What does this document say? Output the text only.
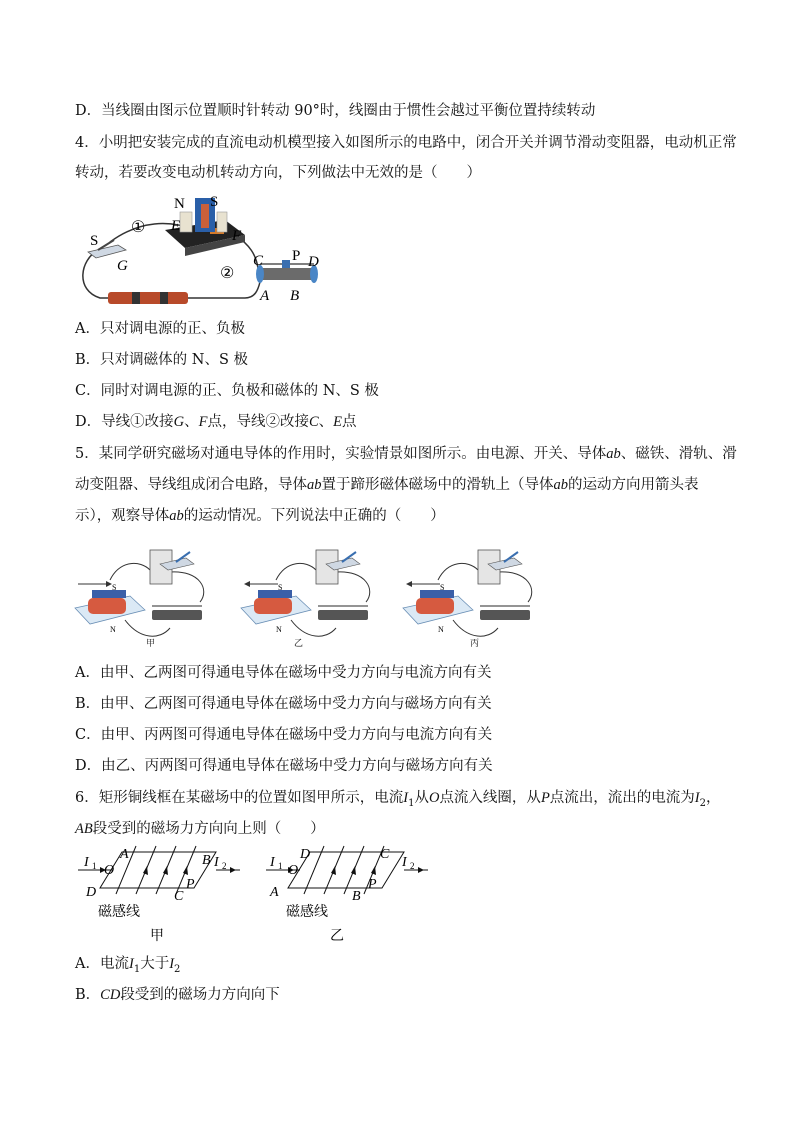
D．当线圈由图示位置顺时针转动 90°时，线圈由于惯性会越过平衡位置持续转动
4．小明把安装完成的直流电动机模型接入如图所示的电路中，闭合开关并调节滑动变阻器，电动机正常
转动，若要改变电动机转动方向，下列做法中无效的是（　　）
N S
E
F
S
G	C P D
A B
①
②
A．只对调电源的正、负极
B．只对调磁体的 N、S 极
C．同时对调电源的正、负极和磁体的 N、S 极
D．导线①改接G、F点，导线②改接C、E点
5．某同学研究磁场对通电导体的作用时，实验情景如图所示。由电源、开关、导体ab、磁铁、滑轨、滑
动变阻器、导线组成闭合电路，导体ab置于蹄形磁体磁场中的滑轨上（导体ab的运动方向用箭头表
示），观察导体ab的运动情况。下列说法中正确的（　　）
S
N
甲
S
N
乙
N
S
丙
A．由甲、乙两图可得通电导体在磁场中受力方向与电流方向有关
B．由甲、乙两图可得通电导体在磁场中受力方向与磁场方向有关
C．由甲、丙两图可得通电导体在磁场中受力方向与电流方向有关
D．由乙、丙两图可得通电导体在磁场中受力方向与磁场方向有关
6．矩形铜线框在某磁场中的位置如图甲所示，电流$I_1$从O点流入线圈，从P点流出，流出的电流为$I_2$，
AB段受到的磁场力方向向上则（　　）
I 1 O
A	B I 2
D	C
P
磁感线
甲
I 1 O
D	C
I 2
A	B
P
磁感线
乙
A．电流$I_1$大于$I_2$
B．CD段受到的磁场力方向向下
